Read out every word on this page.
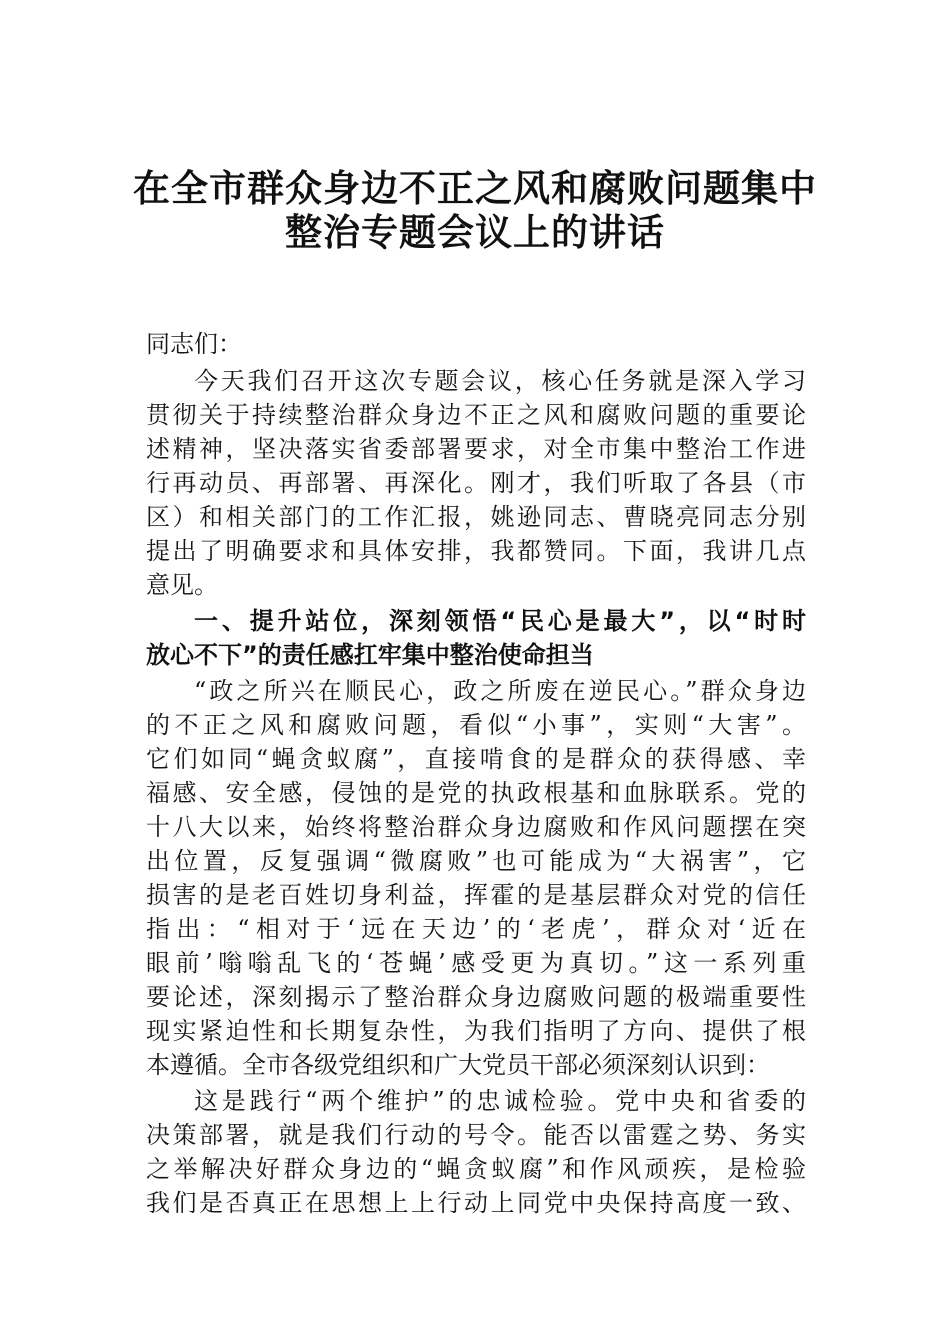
在全市群众身边不正之风和腐败问题集中
整治专题会议上的讲话
同志们：
今天我们召开这次专题会议，核心任务就是深入学习
贯彻关于持续整治群众身边不正之风和腐败问题的重要论
述精神，坚决落实省委部署要求，对全市集中整治工作进
行再动员、再部署、再深化。刚才，我们听取了各县（市
区）和相关部门的工作汇报，姚逊同志、曹晓亮同志分别
提出了明确要求和具体安排，我都赞同。下面，我讲几点
意见。
一、提升站位，深刻领悟“民心是最大”，以“时时
放心不下”的责任感扛牢集中整治使命担当
“政之所兴在顺民心，政之所废在逆民心。”群众身边
的不正之风和腐败问题，看似“小事”，实则“大害”。
它们如同“蝇贪蚁腐”，直接啃食的是群众的获得感、幸
福感、安全感，侵蚀的是党的执政根基和血脉联系。党的
十八大以来，始终将整治群众身边腐败和作风问题摆在突
出位置，反复强调“微腐败”也可能成为“大祸害”，它
损害的是老百姓切身利益，挥霍的是基层群众对党的信任
指出：“相对于‘远在天边’的‘老虎’，群众对‘近在
眼前’嗡嗡乱飞的‘苍蝇’感受更为真切。”这一系列重
要论述，深刻揭示了整治群众身边腐败问题的极端重要性
现实紧迫性和长期复杂性，为我们指明了方向、提供了根
本遵循。全市各级党组织和广大党员干部必须深刻认识到：
这是践行“两个维护”的忠诚检验。党中央和省委的
决策部署，就是我们行动的号令。能否以雷霆之势、务实
之举解决好群众身边的“蝇贪蚁腐”和作风顽疾，是检验
我们是否真正在思想上上行动上同党中央保持高度一致、
